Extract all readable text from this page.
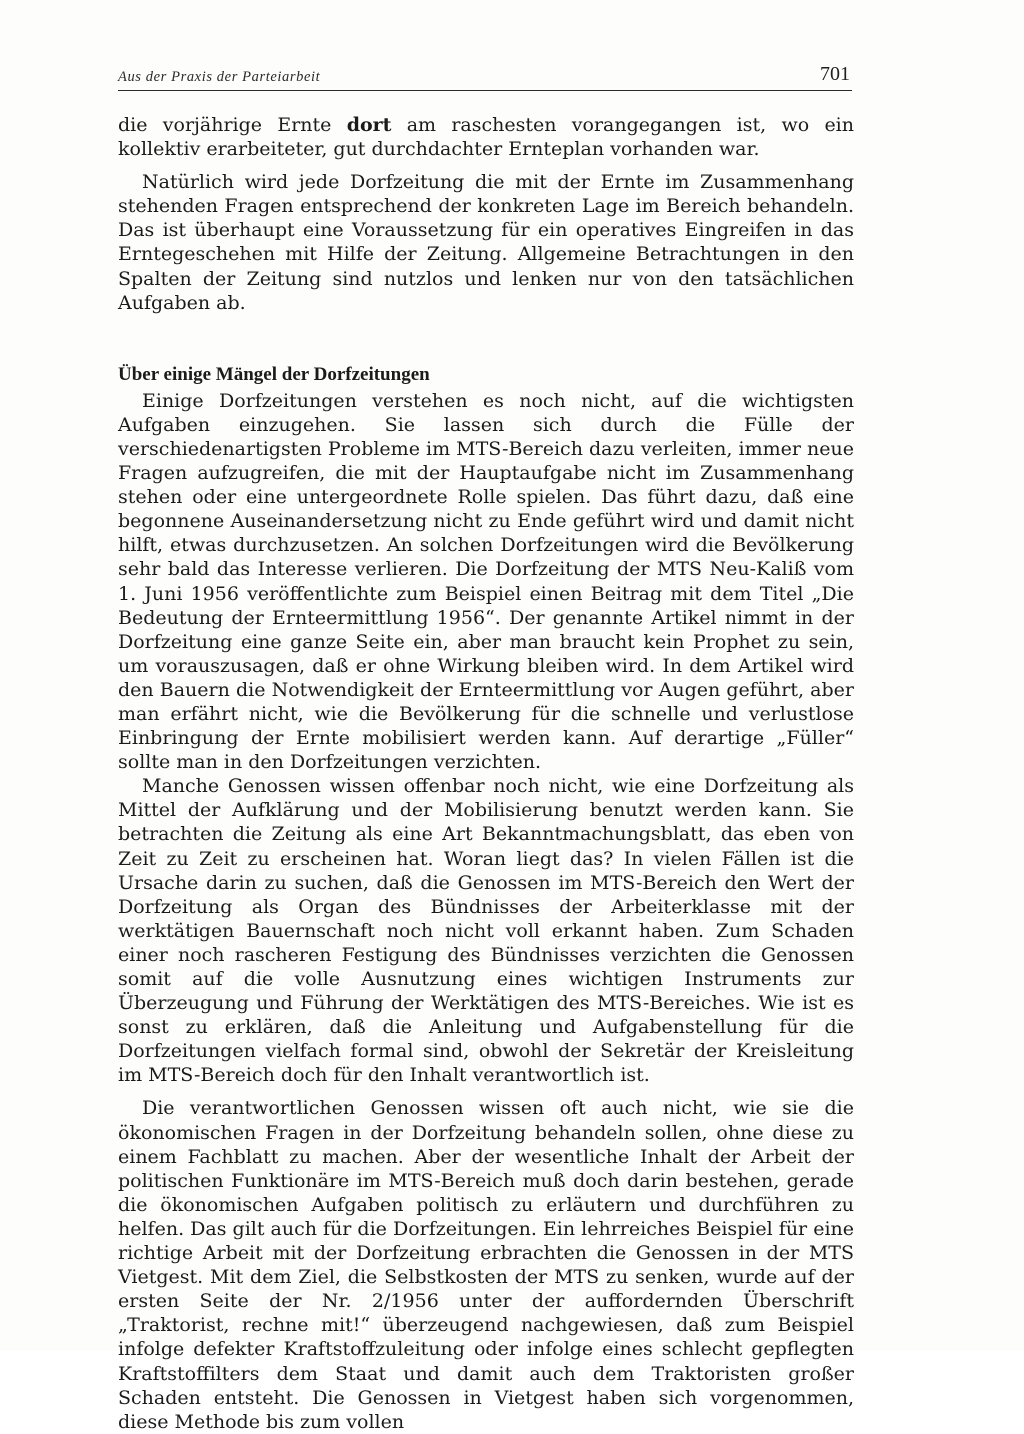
Aus der Praxis der Parteiarbeit	701

die vorjährige Ernte dort am raschesten vorangegangen ist, wo ein kollektiv erarbeiteter, gut durchdachter Ernteplan vorhanden war.

Natürlich wird jede Dorfzeitung die mit der Ernte im Zusammenhang stehenden Fragen entsprechend der konkreten Lage im Bereich behandeln. Das ist überhaupt eine Voraussetzung für ein operatives Eingreifen in das Erntegeschehen mit Hilfe der Zeitung. Allgemeine Betrachtungen in den Spalten der Zeitung sind nutzlos und lenken nur von den tatsächlichen Aufgaben ab.

Über einige Mängel der Dorfzeitungen

Einige Dorfzeitungen verstehen es noch nicht, auf die wichtigsten Aufgaben einzugehen. Sie lassen sich durch die Fülle der verschiedenartigsten Probleme im MTS-Bereich dazu verleiten, immer neue Fragen aufzugreifen, die mit der Hauptaufgabe nicht im Zusammenhang stehen oder eine untergeordnete Rolle spielen. Das führt dazu, daß eine begonnene Auseinandersetzung nicht zu Ende geführt wird und damit nicht hilft, etwas durchzusetzen. An solchen Dorfzeitungen wird die Bevölkerung sehr bald das Interesse verlieren. Die Dorfzeitung der MTS Neu-Kaliß vom 1. Juni 1956 veröffentlichte zum Beispiel einen Beitrag mit dem Titel „Die Bedeutung der Ernteermittlung 1956“. Der genannte Artikel nimmt in der Dorfzeitung eine ganze Seite ein, aber man braucht kein Prophet zu sein, um vorauszusagen, daß er ohne Wirkung bleiben wird. In dem Artikel wird den Bauern die Notwendigkeit der Ernteermittlung vor Augen geführt, aber man erfährt nicht, wie die Bevölkerung für die schnelle und verlustlose Einbringung der Ernte mobilisiert werden kann. Auf derartige „Füller“ sollte man in den Dorfzeitungen verzichten.

Manche Genossen wissen offenbar noch nicht, wie eine Dorfzeitung als Mittel der Aufklärung und der Mobilisierung benutzt werden kann. Sie betrachten die Zeitung als eine Art Bekanntmachungsblatt, das eben von Zeit zu Zeit zu erscheinen hat. Woran liegt das? In vielen Fällen ist die Ursache darin zu suchen, daß die Genossen im MTS-Bereich den Wert der Dorfzeitung als Organ des Bündnisses der Arbeiterklasse mit der werktätigen Bauernschaft noch nicht voll erkannt haben. Zum Schaden einer noch rascheren Festigung des Bündnisses verzichten die Genossen somit auf die volle Ausnutzung eines wichtigen Instruments zur Überzeugung und Führung der Werktätigen des MTS-Bereiches. Wie ist es sonst zu erklären, daß die Anleitung und Aufgabenstellung für die Dorfzeitungen vielfach formal sind, obwohl der Sekretär der Kreisleitung im MTS-Bereich doch für den Inhalt verantwortlich ist.

Die verantwortlichen Genossen wissen oft auch nicht, wie sie die ökonomischen Fragen in der Dorfzeitung behandeln sollen, ohne diese zu einem Fachblatt zu machen. Aber der wesentliche Inhalt der Arbeit der politischen Funktionäre im MTS-Bereich muß doch darin bestehen, gerade die ökonomischen Aufgaben politisch zu erläutern und durchführen zu helfen. Das gilt auch für die Dorfzeitungen. Ein lehrreiches Beispiel für eine richtige Arbeit mit der Dorfzeitung erbrachten die Genossen in der MTS Vietgest. Mit dem Ziel, die Selbstkosten der MTS zu senken, wurde auf der ersten Seite der Nr. 2/1956 unter der auffordernden Überschrift „Traktorist, rechne mit!“ überzeugend nachgewiesen, daß zum Beispiel infolge defekter Kraftstoffzuleitung oder infolge eines schlecht gepflegten Kraftstoffilters dem Staat und damit auch dem Traktoristen großer Schaden entsteht. Die Genossen in Vietgest haben sich vorgenommen, diese Methode bis zum vollen
